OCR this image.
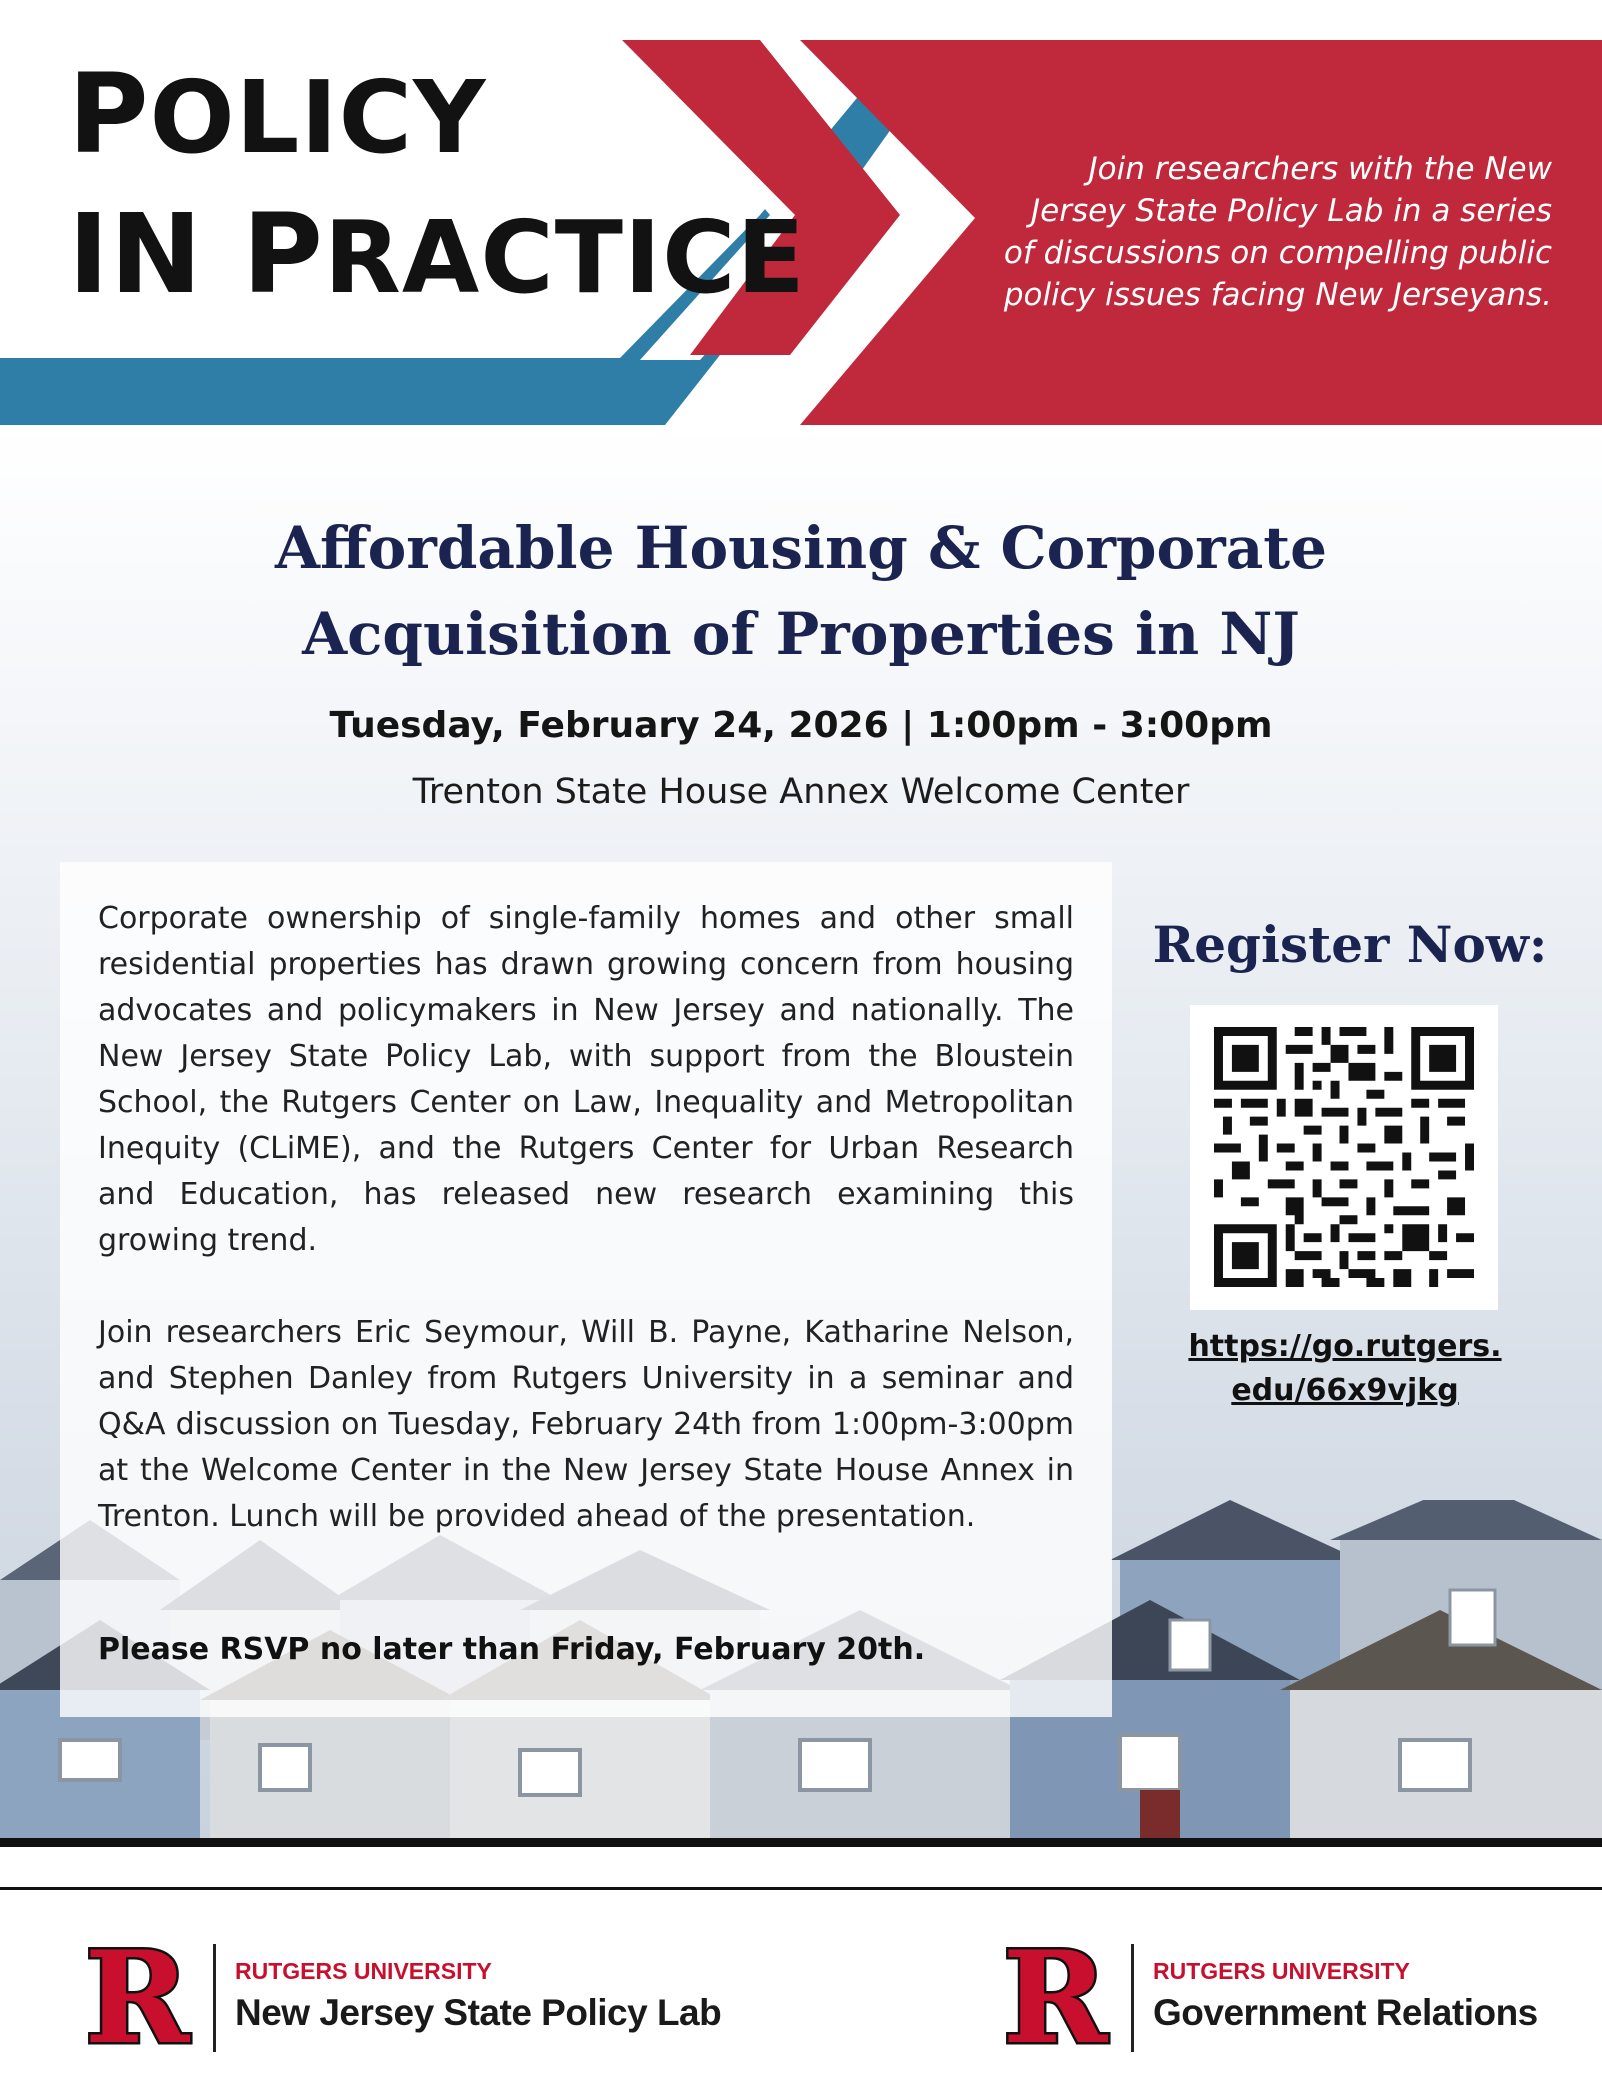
POLICY
IN PRACTICE
Join researchers with the New Jersey State Policy Lab in a series of discussions on compelling public policy issues facing New Jerseyans.
Affordable Housing & Corporate
Acquisition of Properties in NJ
Tuesday, February 24, 2026 | 1:00pm - 3:00pm
Trenton State House Annex Welcome Center

Corporate ownership of single-family homes and other small residential properties has drawn growing concern from housing advocates and policymakers in New Jersey and nationally. The New Jersey State Policy Lab, with support from the Bloustein School, the Rutgers Center on Law, Inequality and Metropolitan Inequity (CLiME), and the Rutgers Center for Urban Research and Education, has released new research examining this growing trend.

Join researchers Eric Seymour, Will B. Payne, Katharine Nelson, and Stephen Danley from Rutgers University in a seminar and Q&A discussion on Tuesday, February 24th from 1:00pm-3:00pm at the Welcome Center in the New Jersey State House Annex in Trenton. Lunch will be provided ahead of the presentation.

Please RSVP no later than Friday, February 20th.
Register Now:
https://go.rutgers.
edu/66x9vjkg
R RUTGERS UNIVERSITY
New Jersey State Policy Lab R RUTGERS UNIVERSITY
Government Relations
